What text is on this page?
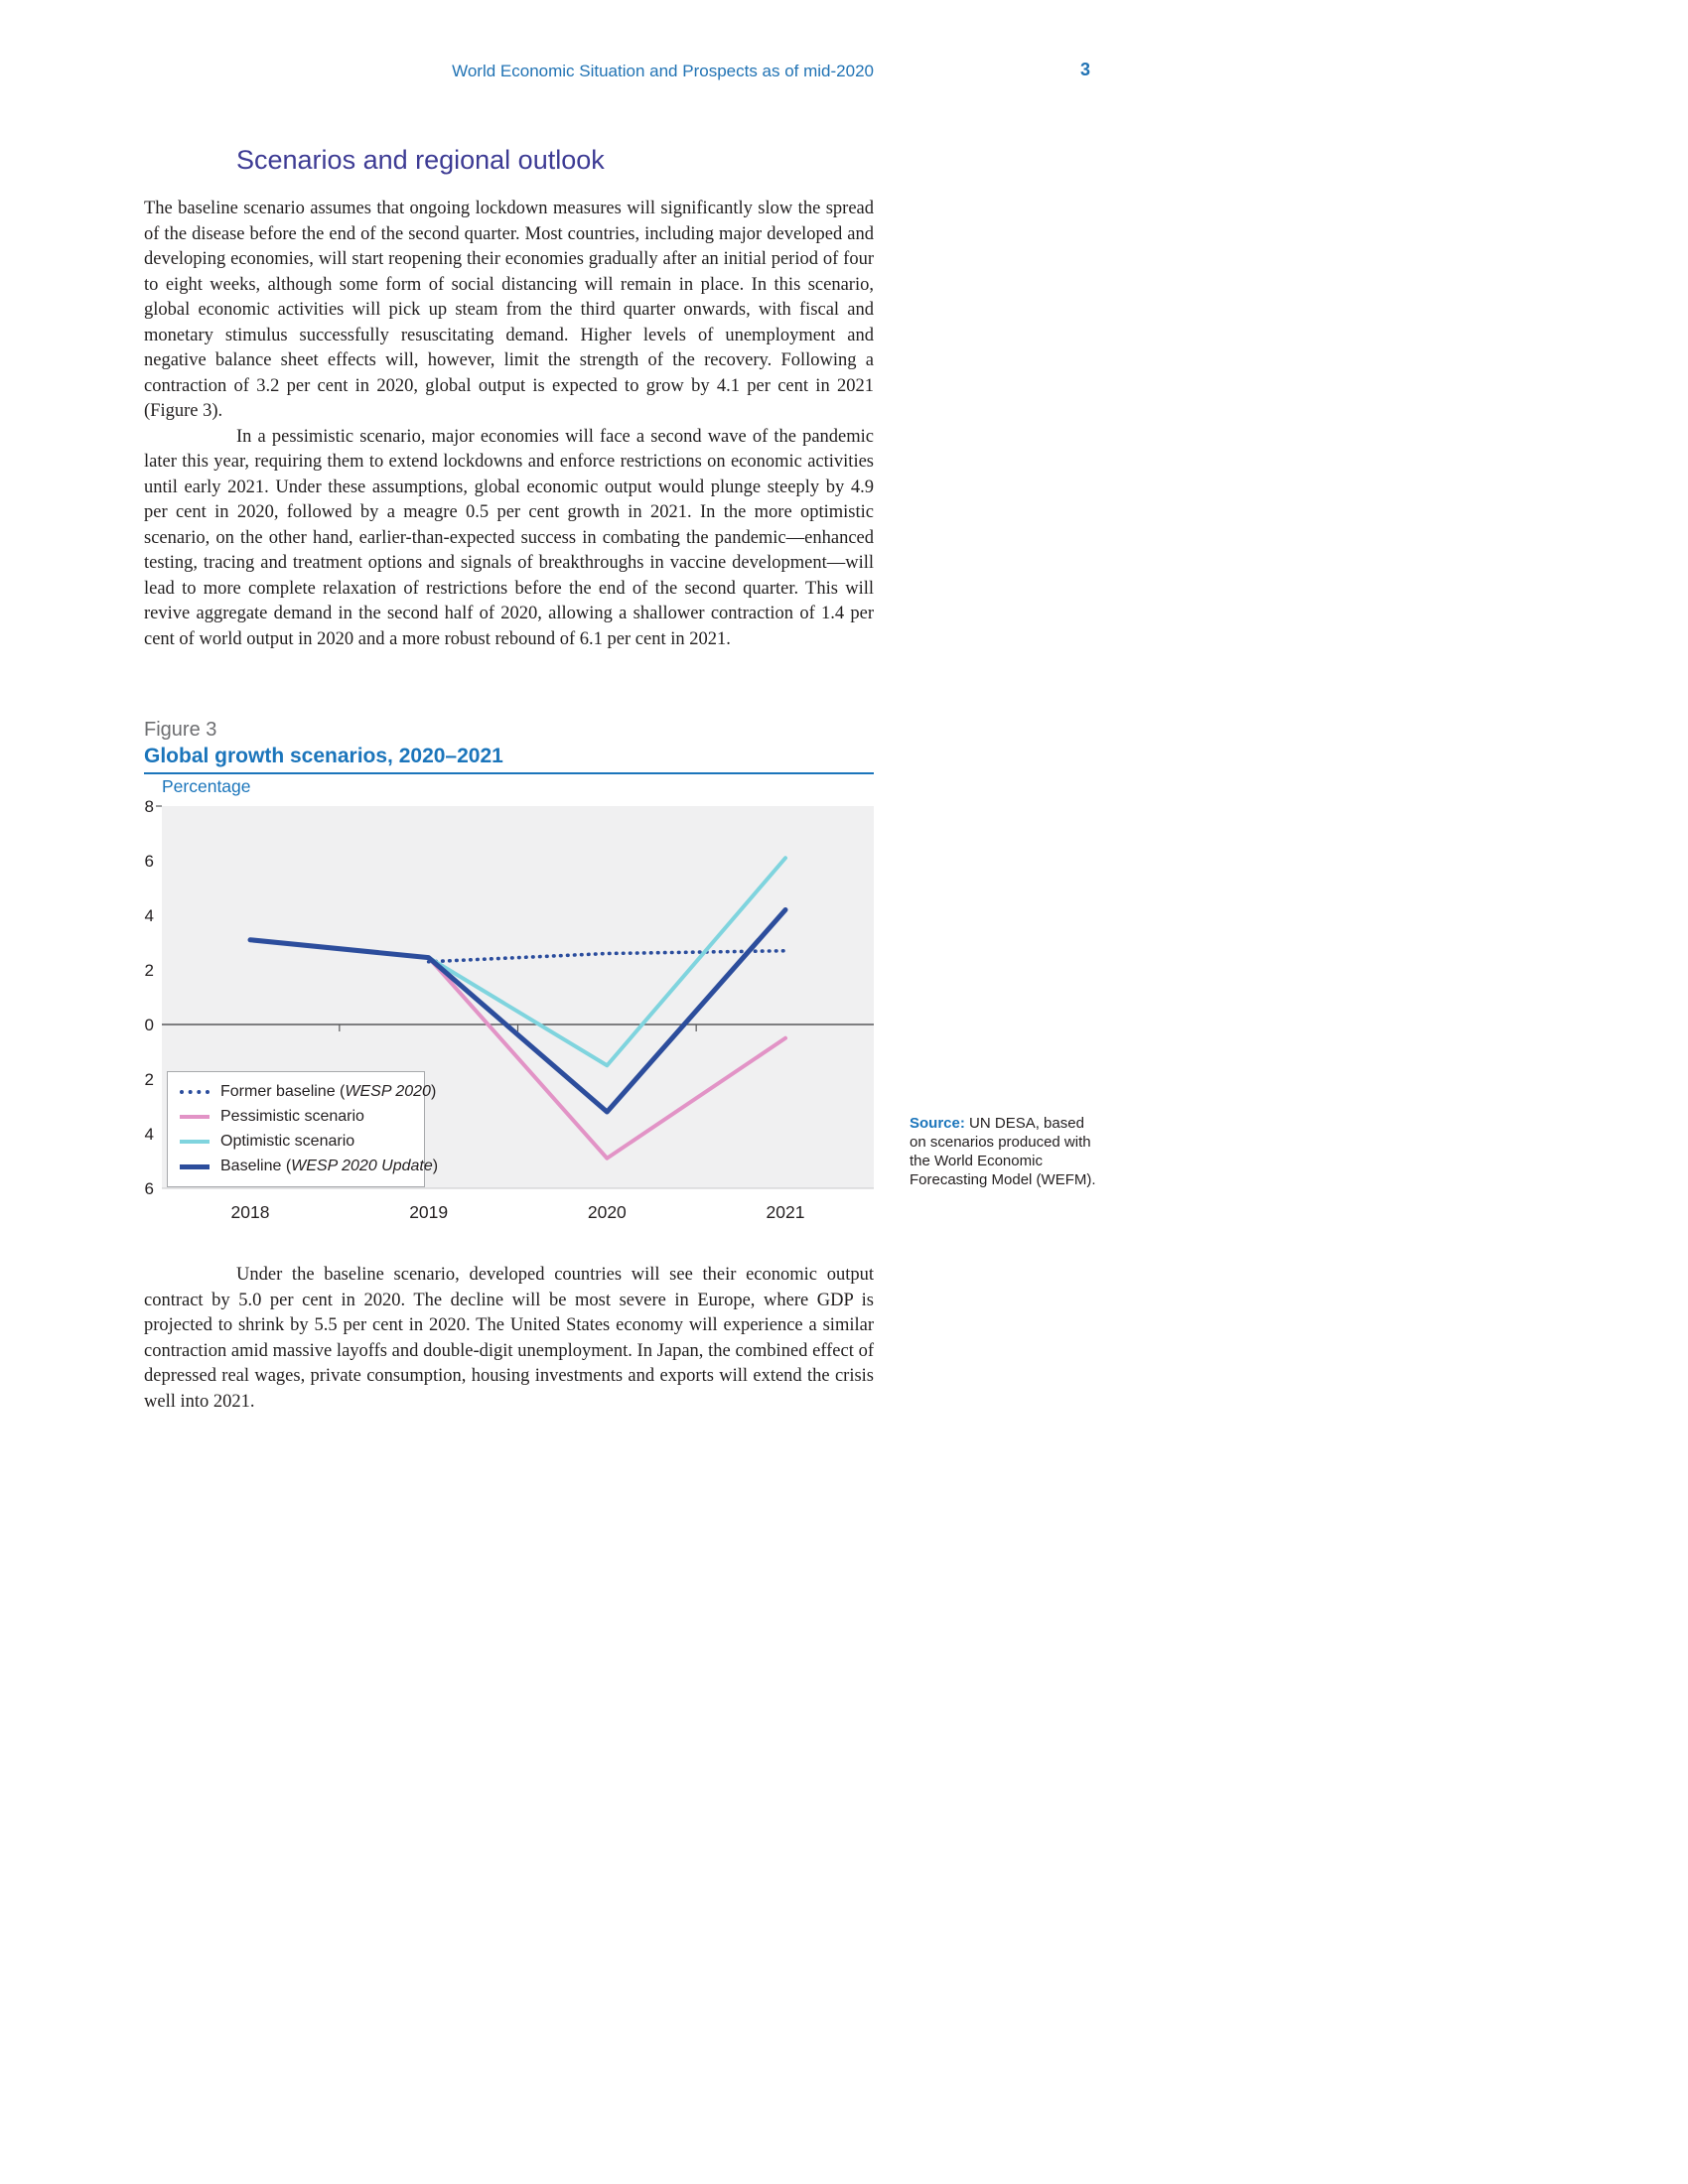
World Economic Situation and Prospects as of mid-2020	3
Scenarios and regional outlook

The baseline scenario assumes that ongoing lockdown measures will significantly slow the spread of the disease before the end of the second quarter. Most countries, including major developed and developing economies, will start reopening their economies gradually after an initial period of four to eight weeks, although some form of social distancing will remain in place. In this scenario, global economic activities will pick up steam from the third quarter onwards, with fiscal and monetary stimulus successfully resuscitating demand. Higher levels of unemployment and negative balance sheet effects will, however, limit the strength of the recovery. Following a contraction of 3.2 per cent in 2020, global output is expected to grow by 4.1 per cent in 2021 (Figure 3).

In a pessimistic scenario, major economies will face a second wave of the pandemic later this year, requiring them to extend lockdowns and enforce restrictions on economic activities until early 2021. Under these assumptions, global economic output would plunge steeply by 4.9 per cent in 2020, followed by a meagre 0.5 per cent growth in 2021. In the more optimistic scenario, on the other hand, earlier-than-expected success in combating the pandemic—enhanced testing, tracing and treatment options and signals of breakthroughs in vaccine development—will lead to more complete relaxation of restrictions before the end of the second quarter. This will revive aggregate demand in the second half of 2020, allowing a shallower contraction of 1.4 per cent of world output in 2020 and a more robust rebound of 6.1 per cent in 2021.

Figure 3
Global growth scenarios, 2020–2021
8
6
4
2
0
2
4
6
2018	2019	2020	2021
Percentage
Former baseline (WESP 2020)
Pessimistic scenario
Optimistic scenario
Baseline (WESP 2020 Update)
Source: UN DESA, based on scenarios produced with the World Economic Forecasting Model (WEFM).
Under the baseline scenario, developed countries will see their economic output contract by 5.0 per cent in 2020. The decline will be most severe in Europe, where GDP is projected to shrink by 5.5 per cent in 2020. The United States economy will experience a similar contraction amid massive layoffs and double-digit unemployment. In Japan, the combined effect of depressed real wages, private consumption, housing investments and exports will extend the crisis well into 2021.
